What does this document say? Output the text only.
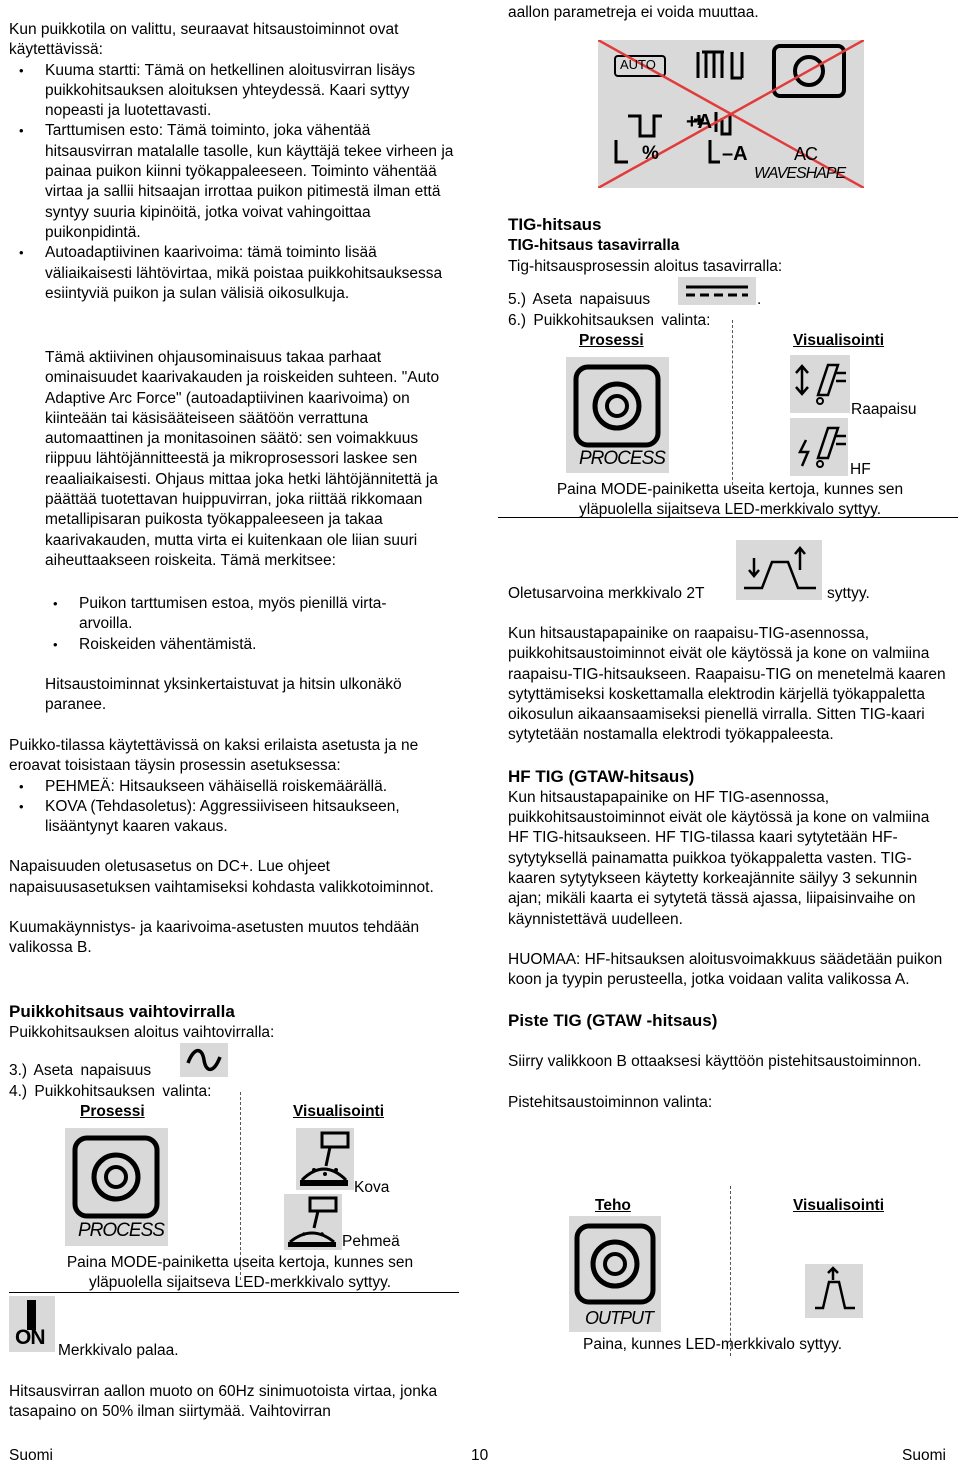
Kun puikkotila on valittu, seuraavat hitsaustoiminnot ovat käytettävissä:

• Kuuma startti: Tämä on hetkellinen aloitusvirran lisäys puikkohitsauksen aloituksen yhteydessä. Kaari syttyy nopeasti ja luotettavasti.
• Tarttumisen esto: Tämä toiminto, joka vähentää hitsausvirran matalalle tasolle, kun käyttäjä tekee virheen ja painaa puikon kiinni työkappaleeseen. Toiminto vähentää virtaa ja sallii hitsaajan irrottaa puikon pitimestä ilman että syntyy suuria kipinöitä, jotka voivat vahingoittaa puikonpidintä.
• Autoadaptiivinen kaarivoima: tämä toiminto lisää väliaikaisesti lähtövirtaa, mikä poistaa puikkohitsauksessa esiintyviä puikon ja sulan välisiä oikosulkuja.

Tämä aktiivinen ohjausominaisuus takaa parhaat ominaisuudet kaarivakauden ja roiskeiden suhteen. "Auto Adaptive Arc Force" (autoadaptiivinen kaarivoima) on kiinteään tai käsisääteiseen säätöön verrattuna automaattinen ja monitasoinen säätö: sen voimakkuus riippuu lähtöjännitteestä ja mikroprosessori laskee sen reaaliaikaisesti. Ohjaus mittaa joka hetki lähtöjännitettä ja päättää tuotettavan huippuvirran, joka riittää rikkomaan metallipisaran puikosta työkappaleeseen ja takaa kaarivakauden, mutta virta ei kuitenkaan ole liian suuri aiheuttaakseen roiskeita. Tämä merkitsee:

• Puikon tarttumisen estoa, myös pienillä virta-arvoilla.
• Roiskeiden vähentämistä.

Hitsaustoiminnat yksinkertaistuvat ja hitsin ulkonäkö paranee.

Puikko-tilassa käytettävissä on kaksi erilaista asetusta ja ne eroavat toisistaan täysin prosessin asetuksessa:

• PEHMEÄ: Hitsaukseen vähäisellä roiskemäärällä.
• KOVA (Tehdasoletus): Aggressiiviseen hitsaukseen, lisääntynyt kaaren vakaus.

Napaisuuden oletusasetus on DC+. Lue ohjeet napaisuusasetuksen vaihtamiseksi kohdasta valikkotoiminnot.

Kuumakäynnistys- ja kaarivoima-asetusten muutos tehdään valikossa B.

Puikkohitsaus vaihtovirralla
Puikkohitsauksen aloitus vaihtovirralla:
3.) Aseta napaisuus
4.) Puikkohitsauksen valinta:
Prosessi	Visualisointi
PROCESS
Kova
Pehmeä
Paina MODE-painiketta useita kertoja, kunnes sen yläpuolella sijaitseva LED-merkkivalo syttyy.
ON
Merkkivalo palaa.
Hitsausvirran aallon muoto on 60Hz sinimuotoista virtaa, jonka tasapaino on 50% ilman siirtymää. Vaihtovirran
aallon parametreja ei voida muuttaa.
AUTO
%	–A
+A
AC
WAVESHAPE
TIG-hitsaus
TIG-hitsaus tasavirralla
Tig-hitsausprosessin aloitus tasavirralla:
5.) Aseta napaisuus	.
6.) Puikkohitsauksen valinta:
Prosessi	Visualisointi
PROCESS
Raapaisu
HF
Paina MODE-painiketta useita kertoja, kunnes sen yläpuolella sijaitseva LED-merkkivalo syttyy.
Oletusarvoina merkkivalo 2T	syttyy.

Kun hitsaustapapainike on raapaisu-TIG-asennossa, puikkohitsaustoiminnot eivät ole käytössä ja kone on valmiina raapaisu-TIG-hitsaukseen. Raapaisu-TIG on menetelmä kaaren sytyttämiseksi koskettamalla elektrodin kärjellä työkappaletta oikosulun aikaansaamiseksi pienellä virralla. Sitten TIG-kaari sytytetään nostamalla elektrodi työkappaleesta.

HF TIG (GTAW-hitsaus)

Kun hitsaustapapainike on HF TIG-asennossa, puikkohitsaustoiminnot eivät ole käytössä ja kone on valmiina HF TIG-hitsaukseen. HF TIG-tilassa kaari sytytetään HF-sytytyksellä painamatta puikkoa työkappaletta vasten. TIG-kaaren sytytykseen käytetty korkeajännite säilyy 3 sekunnin ajan; mikäli kaarta ei sytytetä tässä ajassa, liipaisinvaihe on käynnistettävä uudelleen.

HUOMAA: HF-hitsauksen aloitusvoimakkuus säädetään puikon koon ja tyypin perusteella, jotka voidaan valita valikossa A.

Piste TIG (GTAW -hitsaus)

Siirry valikkoon B ottaaksesi käyttöön pistehitsaustoiminnon.

Pistehitsaustoiminnon valinta:

Teho	Visualisointi
OUTPUT
Paina, kunnes LED-merkkivalo syttyy.
Suomi	10	Suomi
